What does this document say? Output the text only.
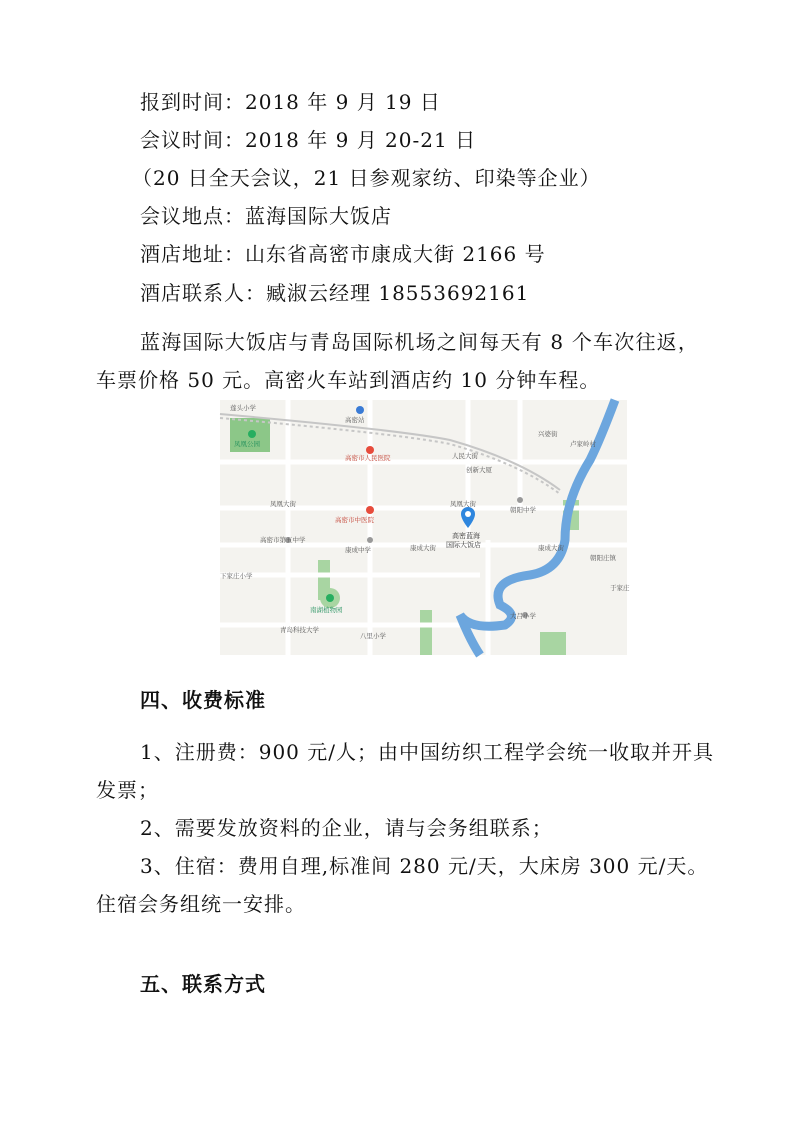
报到时间：2018 年 9 月 19 日
会议时间：2018 年 9 月 20-21 日
（20 日全天会议，21 日参观家纺、印染等企业）
会议地点：蓝海国际大饭店
酒店地址：山东省高密市康成大街 2166 号
酒店联系人：臧淑云经理 18553692161
蓝海国际大饭店与青岛国际机场之间每天有 8 个车次往返，
车票价格 50 元。高密火车站到酒店约 10 分钟车程。
莲头小学
高密站
凤凰公园
高密市人民医院	人民大街
创新大厦
凤凰大街	凤凰大街
高密市中医院
朝阳中学
高密市第五中学
康成中学	康成大街	康成大街
高密蓝海
国际大饭店
下家庄小学
南湖植物园
青岛科技大学
八里小学
大吕小学
兴婆街
卢家岭村
朝阳庄镇
于家庄
四、收费标准
1、注册费：900 元/人；由中国纺织工程学会统一收取并开具
发票；
2、需要发放资料的企业，请与会务组联系；
3、住宿：费用自理,标准间 280 元/天，大床房 300 元/天。
住宿会务组统一安排。
五、联系方式
